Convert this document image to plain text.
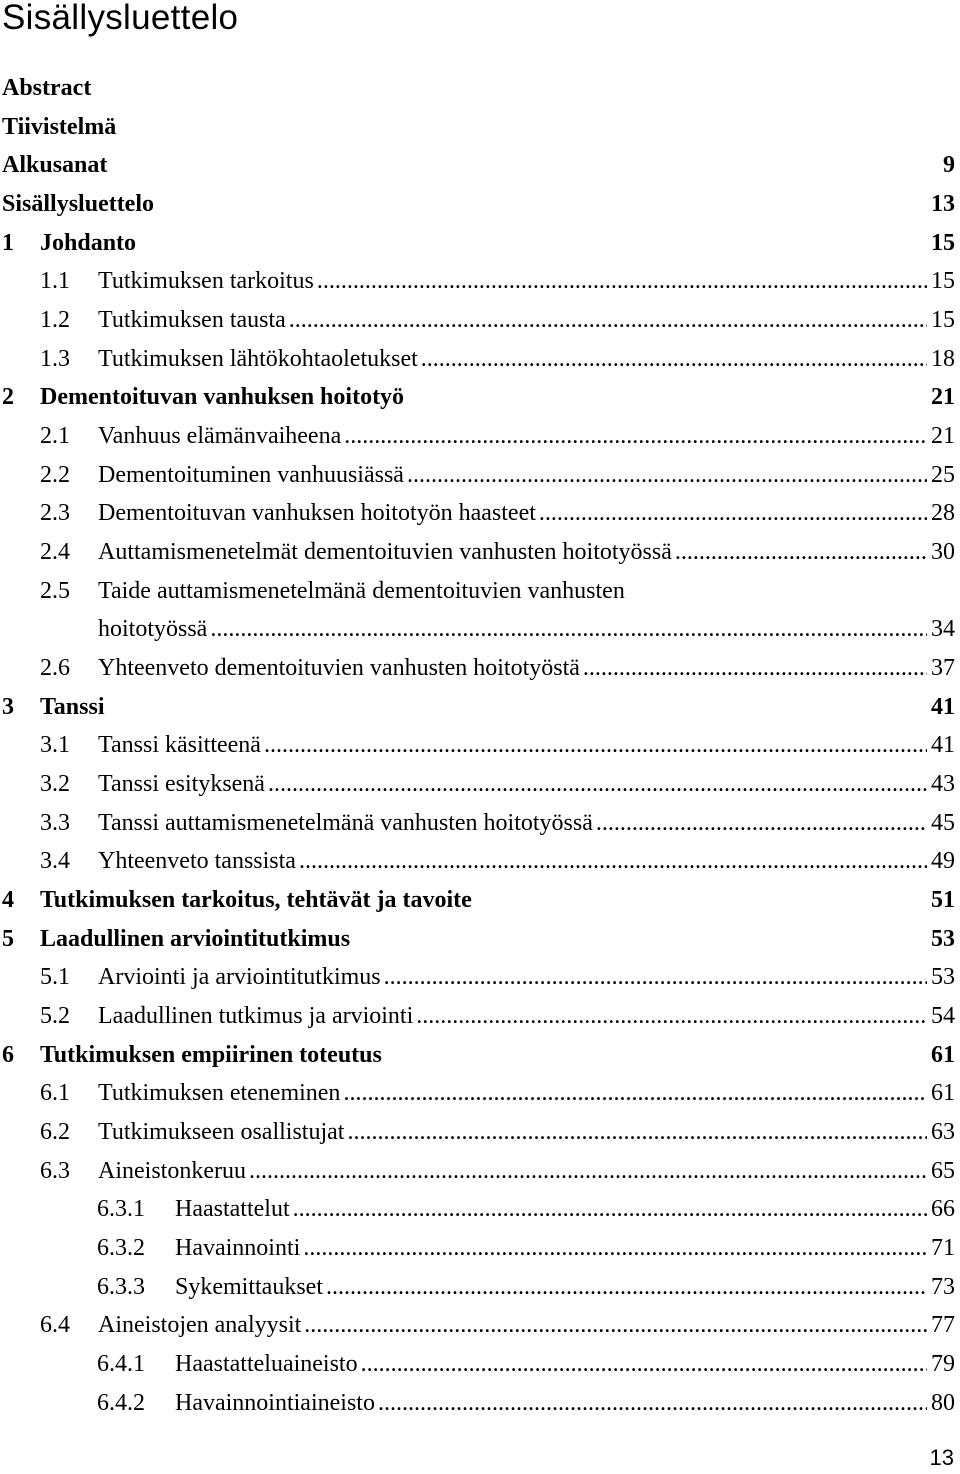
Sisällysluettelo
Abstract
Tiivistelmä
Alkusanat	9
Sisällysluettelo	13
1 Johdanto	15
1.1 Tutkimuksen tarkoitus	15
.....
1.2 Tutkimuksen tausta	15
.....
1.3 Tutkimuksen lähtökohtaoletukset	18
.....
2 Dementoituvan vanhuksen hoitotyö	21
2.1 Vanhuus elämänvaiheena	21
.....
2.2 Dementoituminen vanhuusiässä	25
.....
2.3 Dementoituvan vanhuksen hoitotyön haasteet	28
.....
2.4 Auttamismenetelmät dementoituvien vanhusten hoitotyössä	30
.....
2.5 Taide auttamismenetelmänä dementoituvien vanhusten
hoitotyössä	34
.....
2.6 Yhteenveto dementoituvien vanhusten hoitotyöstä	37
.....
3 Tanssi	41
3.1 Tanssi käsitteenä	41
.....
3.2 Tanssi esityksenä	43
.....
3.3 Tanssi auttamismenetelmänä vanhusten hoitotyössä	45
.....
3.4 Yhteenveto tanssista	49
.....
4 Tutkimuksen tarkoitus, tehtävät ja tavoite	51
5 Laadullinen arviointitutkimus	53
5.1 Arviointi ja arviointitutkimus	53
.....
5.2 Laadullinen tutkimus ja arviointi	54
.....
6 Tutkimuksen empiirinen toteutus	61
6.1 Tutkimuksen eteneminen	61
.....
6.2 Tutkimukseen osallistujat	63
.....
6.3 Aineistonkeruu	65
.....
6.3.1 Haastattelut	66
.....
6.3.2 Havainnointi	71
.....
6.3.3 Sykemittaukset	73
.....
6.4 Aineistojen analyysit	77
.....
6.4.1 Haastatteluaineisto	79
.....
6.4.2 Havainnointiaineisto	80
.....
13
